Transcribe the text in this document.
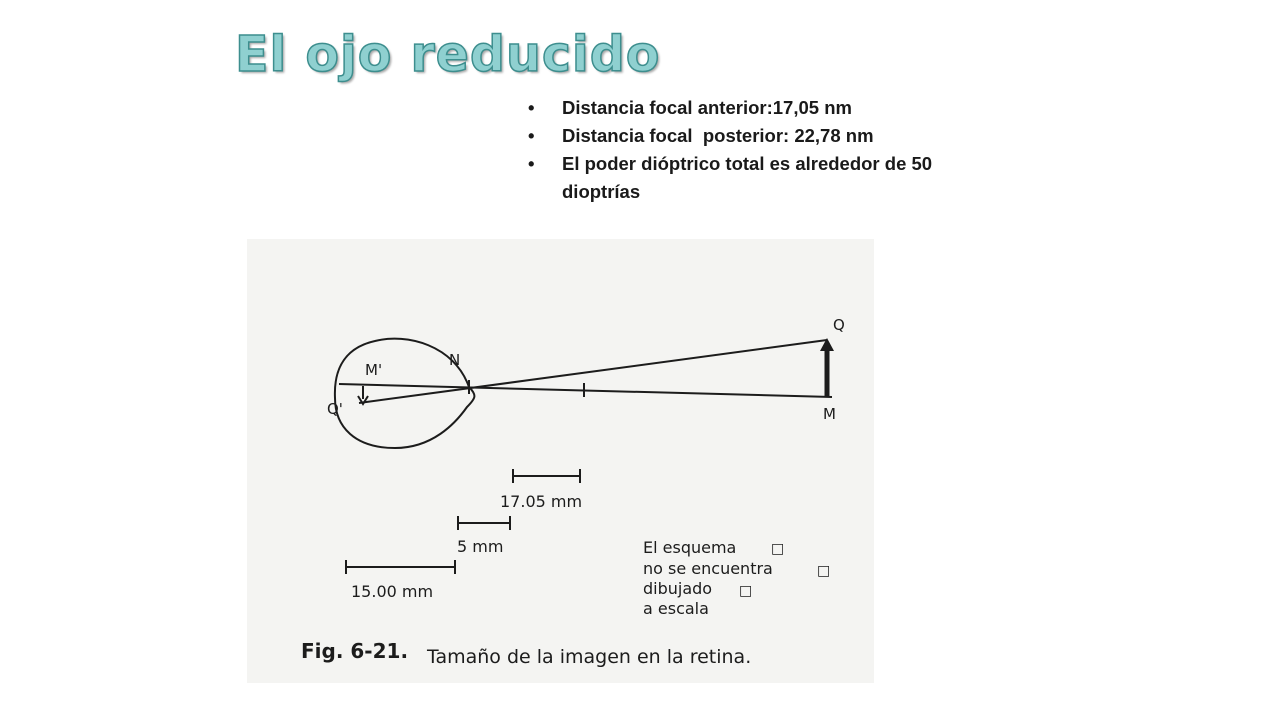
El ojo reducido
• Distancia focal anterior:17,05 nm
• Distancia focal  posterior: 22,78 nm
• El poder dióptrico total es alrededor de 50 dioptrías
Q
M
N
M'
Q'
17.05 mm
5 mm
15.00 mm
El esquema
no se encuentra
dibujado
a escala
□
□
□
Fig. 6-21. Tamaño de la imagen en la retina.
